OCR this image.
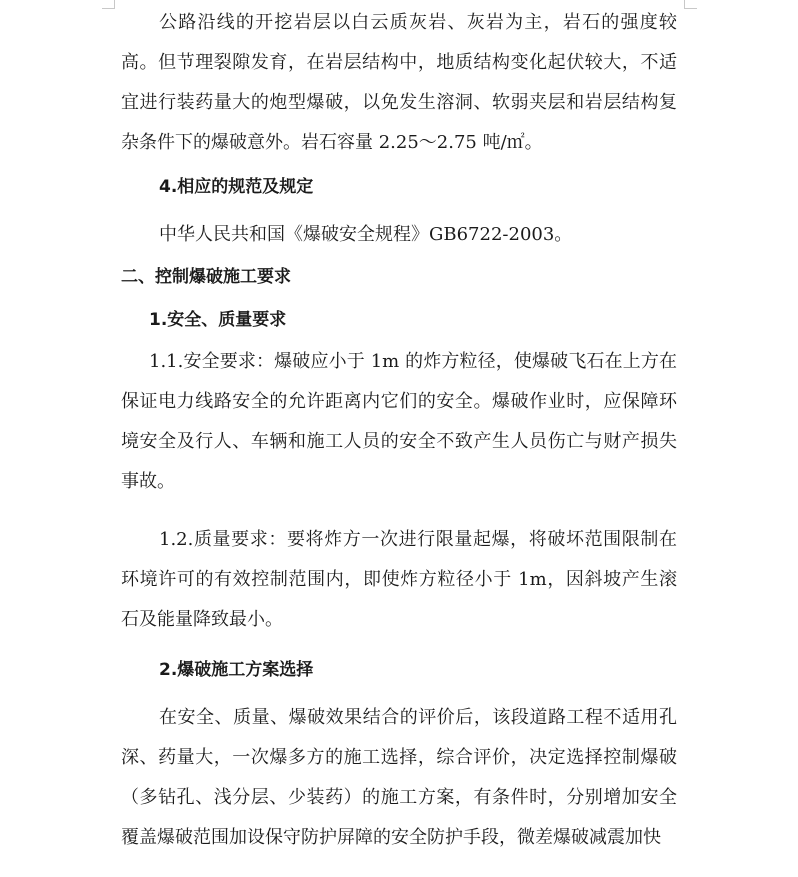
公路沿线的开挖岩层以白云质灰岩、灰岩为主，岩石的强度较高。但节理裂隙发育，在岩层结构中，地质结构变化起伏较大，不适宜进行装药量大的炮型爆破，以免发生溶洞、软弱夹层和岩层结构复杂条件下的爆破意外。岩石容量 2.25～2.75 吨/㎡。

4.相应的规范及规定

中华人民共和国《爆破安全规程》GB6722-2003。

二、控制爆破施工要求

1.安全、质量要求

1.1.安全要求：爆破应小于 1m 的炸方粒径，使爆破飞石在上方在保证电力线路安全的允许距离内它们的安全。爆破作业时，应保障环境安全及行人、车辆和施工人员的安全不致产生人员伤亡与财产损失事故。

1.2.质量要求：要将炸方一次进行限量起爆，将破坏范围限制在环境许可的有效控制范围内，即使炸方粒径小于 1m，因斜坡产生滚石及能量降致最小。

2.爆破施工方案选择

在安全、质量、爆破效果结合的评价后，该段道路工程不适用孔深、药量大，一次爆多方的施工选择，综合评价，决定选择控制爆破（多钻孔、浅分层、少装药）的施工方案，有条件时，分别增加安全覆盖爆破范围加设保守防护屏障的安全防护手段，微差爆破减震加快
